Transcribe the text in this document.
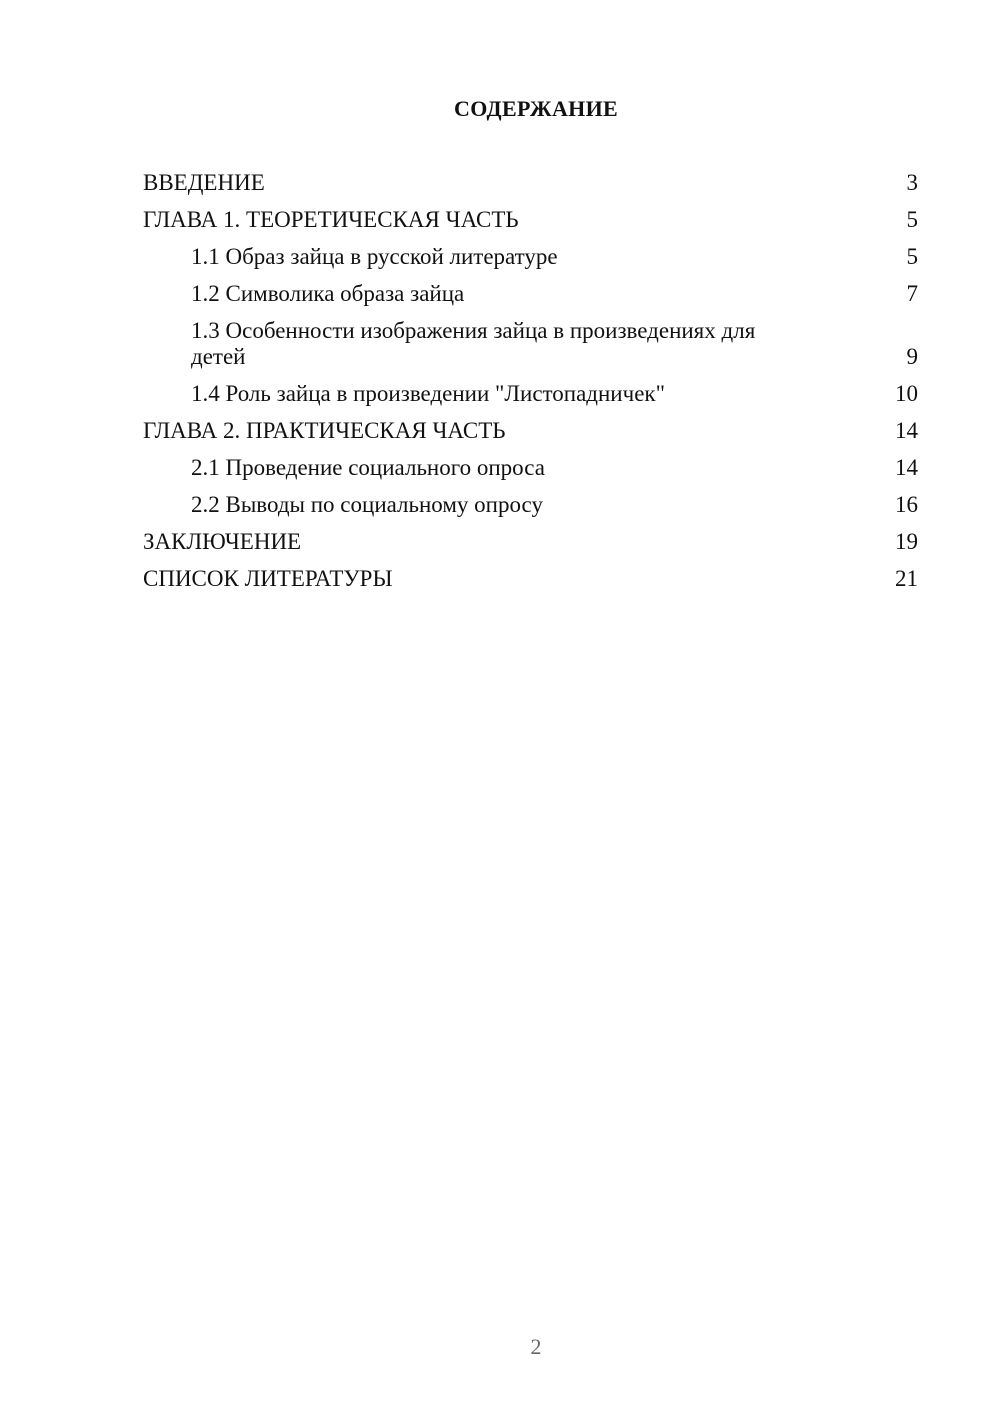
СОДЕРЖАНИЕ
ВВЕДЕНИЕ	3
ГЛАВА 1. ТЕОРЕТИЧЕСКАЯ ЧАСТЬ	5
1.1 Образ зайца в русской литературе	5
1.2 Символика образа зайца	7
1.3 Особенности изображения зайца в произведениях для детей	9
1.4 Роль зайца в произведении "Листопадничек"	10
ГЛАВА 2. ПРАКТИЧЕСКАЯ ЧАСТЬ	14
2.1 Проведение социального опроса	14
2.2 Выводы по социальному опросу	16
ЗАКЛЮЧЕНИЕ	19
СПИСОК ЛИТЕРАТУРЫ	21
2
